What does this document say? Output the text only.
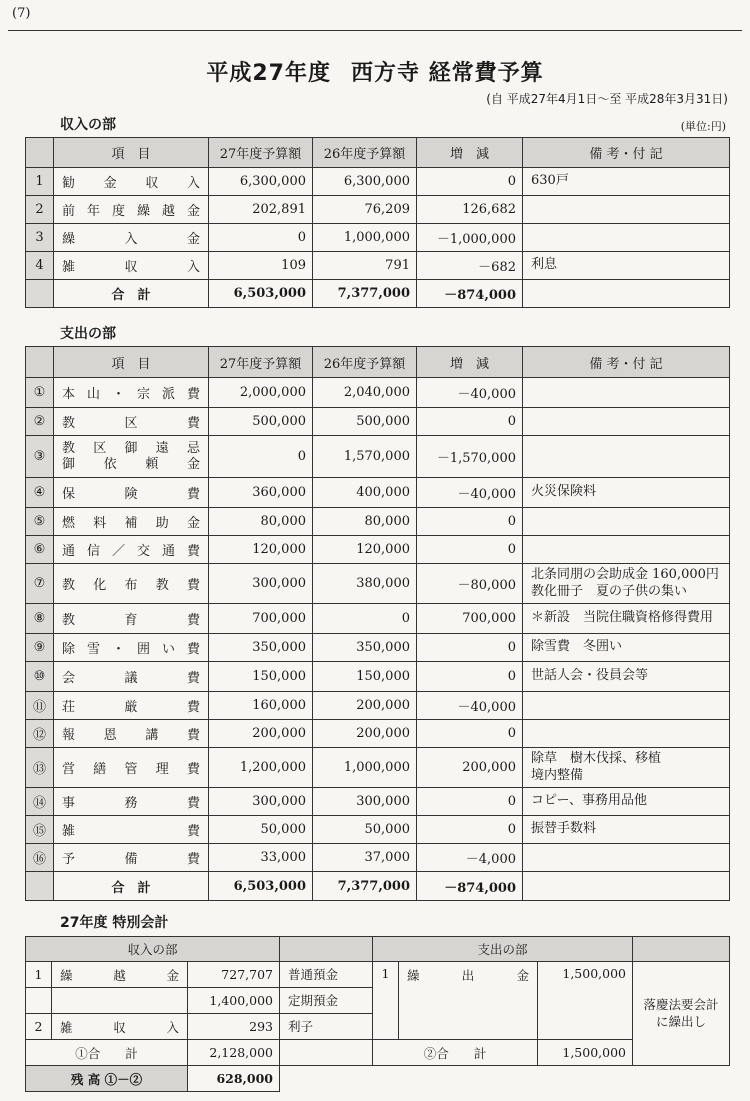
(7)
平成27年度 西方寺 経常費予算
(自 平成27年4月1日～至 平成28年3月31日)
収入の部	(単位:円)
	項　目	27年度予算額	26年度予算額	増　減	備 考・付 記
1	勧金収入	6,300,000	6,300,000	0	630戸

2	前年度繰越金	202,891	76,209	126,682	

3	繰入金	0	1,000,000	－1,000,000	

4	雑収入	109	791	－682	利息

	合　計	6,503,000	7,377,000	－874,000	
支出の部
	項　目	27年度予算額	26年度予算額	増　減	備 考・付 記
①	本山・宗派費	2,000,000	2,040,000	－40,000	

②	教区費	500,000	500,000	0	

③	教区御遠忌
御依頼金	0	1,570,000	－1,570,000	

④	保険費	360,000	400,000	－40,000	火災保険料

⑤	燃料補助金	80,000	80,000	0	

⑥	通信／交通費	120,000	120,000	0	

⑦	教化布教費	300,000	380,000	－80,000	北条同朋の会助成金 160,000円
教化冊子　夏の子供の集い

⑧	教育費	700,000	0	700,000	＊新設　当院住職資格修得費用

⑨	除雪・囲い費	350,000	350,000	0	除雪費　冬囲い

⑩	会議費	150,000	150,000	0	世話人会・役員会等

⑪	荘厳費	160,000	200,000	－40,000	

⑫	報恩講費	200,000	200,000	0	

⑬	営繕管理費	1,200,000	1,000,000	200,000	除草　樹木伐採、移植
境内整備

⑭	事務費	300,000	300,000	0	コピー、事務用品他

⑮	雑費	50,000	50,000	0	振替手数料

⑯	予備費	33,000	37,000	－4,000	

	合　計	6,503,000	7,377,000	－874,000	
27年度 特別会計
収入の部				支出の部			
1	繰越金	727,707	普通預金	1	繰出金	1,500,000	落慶法要会計に繰出し
		1,400,000	定期預金				
2	雑収入	293	利子				
①合　　計		2,128,000		②合　　計		1,500,000	
残 高 ①－②		628,000					
